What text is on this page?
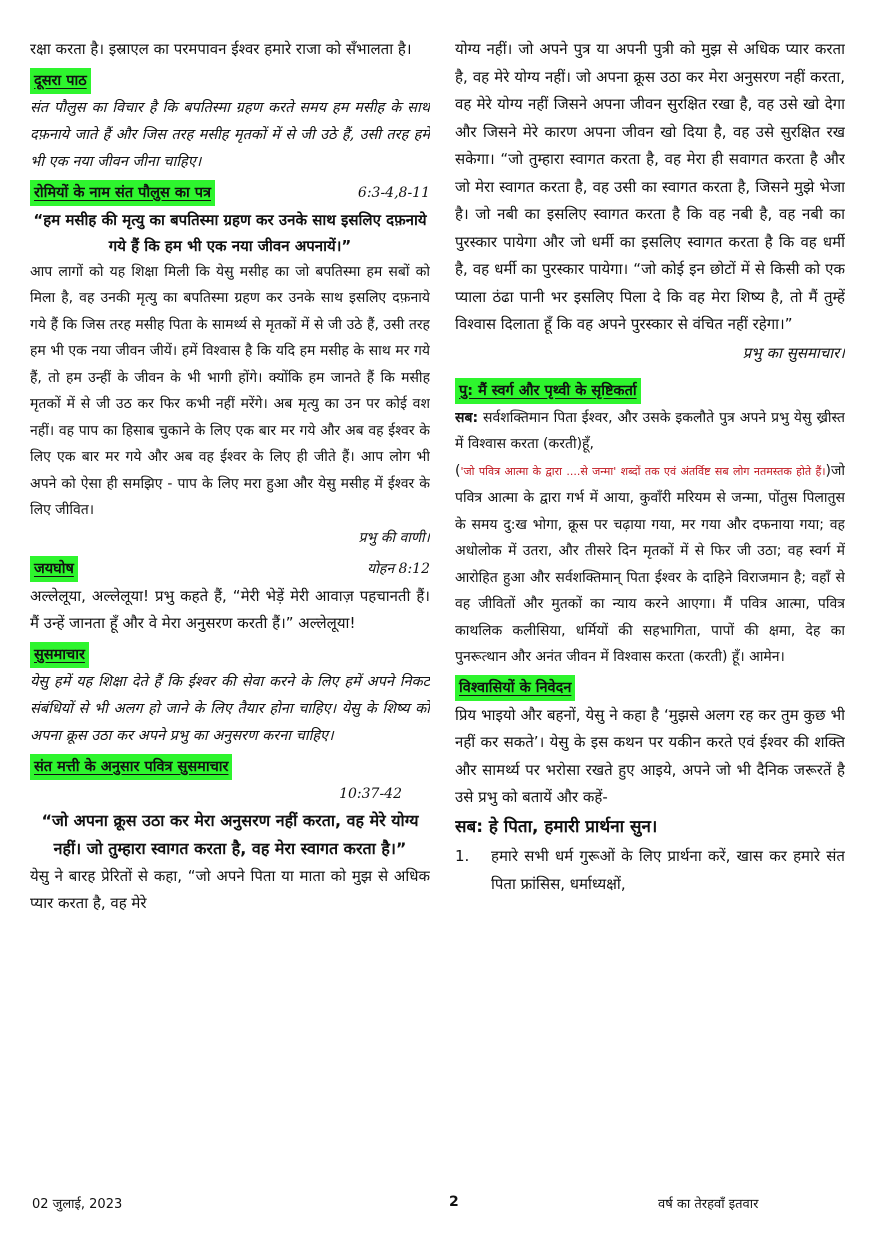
रक्षा करता है। इस्राएल का परमपावन ईश्वर हमारे राजा को सँभालता है।

दूसरा पाठ

संत पौलुस का विचार है कि बपतिस्मा ग्रहण करते समय हम मसीह के साथ दफ़नाये जाते हैं और जिस तरह मसीह मृतकों में से जी उठे हैं, उसी तरह हमें भी एक नया जीवन जीना चाहिए।

रोमियों के नाम संत पौलुस का पत्र	6:3-4,8-11

“हम मसीह की मृत्यु का बपतिस्मा ग्रहण कर उनके साथ इसलिए दफ़नाये गये हैं कि हम भी एक नया जीवन अपनायें।”

आप लागों को यह शिक्षा मिली कि येसु मसीह का जो बपतिस्मा हम सबों को मिला है, वह उनकी मृत्यु का बपतिस्मा ग्रहण कर उनके साथ इसलिए दफ़नाये गये हैं कि जिस तरह मसीह पिता के सामर्थ्य से मृतकों में से जी उठे हैं, उसी तरह हम भी एक नया जीवन जीयें। हमें विश्वास है कि यदि हम मसीह के साथ मर गये हैं, तो हम उन्हीं के जीवन के भी भागी होंगे। क्योंकि हम जानते हैं कि मसीह मृतकों में से जी उठ कर फिर कभी नहीं मरेंगे। अब मृत्यु का उन पर कोई वश नहीं। वह पाप का हिसाब चुकाने के लिए एक बार मर गये और अब वह ईश्वर के लिए एक बार मर गये और अब वह ईश्वर के लिए ही जीते हैं। आप लोग भी अपने को ऐसा ही समझिए - पाप के लिए मरा हुआ और येसु मसीह में ईश्वर के लिए जीवित।

प्रभु की वाणी।

जयघोष	योहन 8:12

अल्लेलूया, अल्लेलूया! प्रभु कहते हैं, “मेरी भेड़ें मेरी आवाज़ पहचानती हैं। मैं उन्हें जानता हूँ और वे मेरा अनुसरण करती हैं।” अल्लेलूया!

सुसमाचार

येसु हमें यह शिक्षा देते हैं कि ईश्वर की सेवा करने के लिए हमें अपने निकट संबंधियों से भी अलग हो जाने के लिए तैयार होना चाहिए। येसु के शिष्य को अपना क्रूस उठा कर अपने प्रभु का अनुसरण करना चाहिए।

संत मत्ती के अनुसार पवित्र सुसमाचार

10:37-42

“जो अपना क्रूस उठा कर मेरा अनुसरण नहीं करता, वह मेरे योग्य नहीं। जो तुम्हारा स्वागत करता है, वह मेरा स्वागत करता है।”

येसु ने बारह प्रेरितों से कहा, “जो अपने पिता या माता को मुझ से अधिक प्यार करता है, वह मेरे

योग्य नहीं। जो अपने पुत्र या अपनी पुत्री को मुझ से अधिक प्यार करता है, वह मेरे योग्य नहीं। जो अपना क्रूस उठा कर मेरा अनुसरण नहीं करता, वह मेरे योग्य नहीं जिसने अपना जीवन सुरक्षित रखा है, वह उसे खो देगा और जिसने मेरे कारण अपना जीवन खो दिया है, वह उसे सुरक्षित रख सकेगा। “जो तुम्हारा स्वागत करता है, वह मेरा ही सवागत करता है और जो मेरा स्वागत करता है, वह उसी का स्वागत करता है, जिसने मुझे भेजा है। जो नबी का इसलिए स्वागत करता है कि वह नबी है, वह नबी का पुरस्कार पायेगा और जो धर्मी का इसलिए स्वागत करता है कि वह धर्मी है, वह धर्मी का पुरस्कार पायेगा। “जो कोई इन छोटों में से किसी को एक प्याला ठंढा पानी भर इसलिए पिला दे कि वह मेरा शिष्य है, तो मैं तुम्हें विश्वास दिलाता हूँ कि वह अपने पुरस्कार से वंचित नहीं रहेगा।”

प्रभु का सुसमाचार।

पु: मैं स्वर्ग और पृथ्वी के सृष्टिकर्ता

सब: सर्वशक्तिमान पिता ईश्वर, और उसके इकलौते पुत्र अपने प्रभु येसु ख्रीस्त में विश्वास करता (करती)हूँ,
('जो पवित्र आत्मा के द्वारा ....से जन्मा' शब्दों तक एवं अंतर्विष्ट सब लोग नतमस्तक होते हैं।)जो पवित्र आत्मा के द्वारा गर्भ में आया, कुवाँरी मरियम से जन्मा, पोंतुस पिलातुस के समय दु:ख भोगा, क्रूस पर चढ़ाया गया, मर गया और दफनाया गया; वह अधोलोक में उतरा, और तीसरे दिन मृतकों में से फिर जी उठा; वह स्वर्ग में आरोहित हुआ और सर्वशक्तिमान् पिता ईश्वर के दाहिने विराजमान है; वहाँ से वह जीवितों और मुतकों का न्याय करने आएगा। मैं पवित्र आत्मा, पवित्र काथलिक कलीसिया, धर्मियों की सहभागिता, पापों की क्षमा, देह का पुनरूत्थान और अनंत जीवन में विश्वास करता (करती) हूँ। आमेन।

विश्वासियों के निवेदन

प्रिय भाइयो और बहनों, येसु ने कहा है ‘मुझसे अलग रह कर तुम कुछ भी नहीं कर सकते’। येसु के इस कथन पर यकीन करते एवं ईश्वर की शक्ति और सामर्थ्य पर भरोसा रखते हुए आइये, अपने जो भी दैनिक जरूरतें है उसे प्रभु को बतायें और कहें-

सब: हे पिता, हमारी प्रार्थना सुन।

1.	हमारे सभी धर्म गुरूओं के लिए प्रार्थना करें, खास कर हमारे संत पिता फ्रांसिस, धर्माध्यक्षों,
02 जुलाई, 2023	2	वर्ष का तेरहवाँ इतवार
